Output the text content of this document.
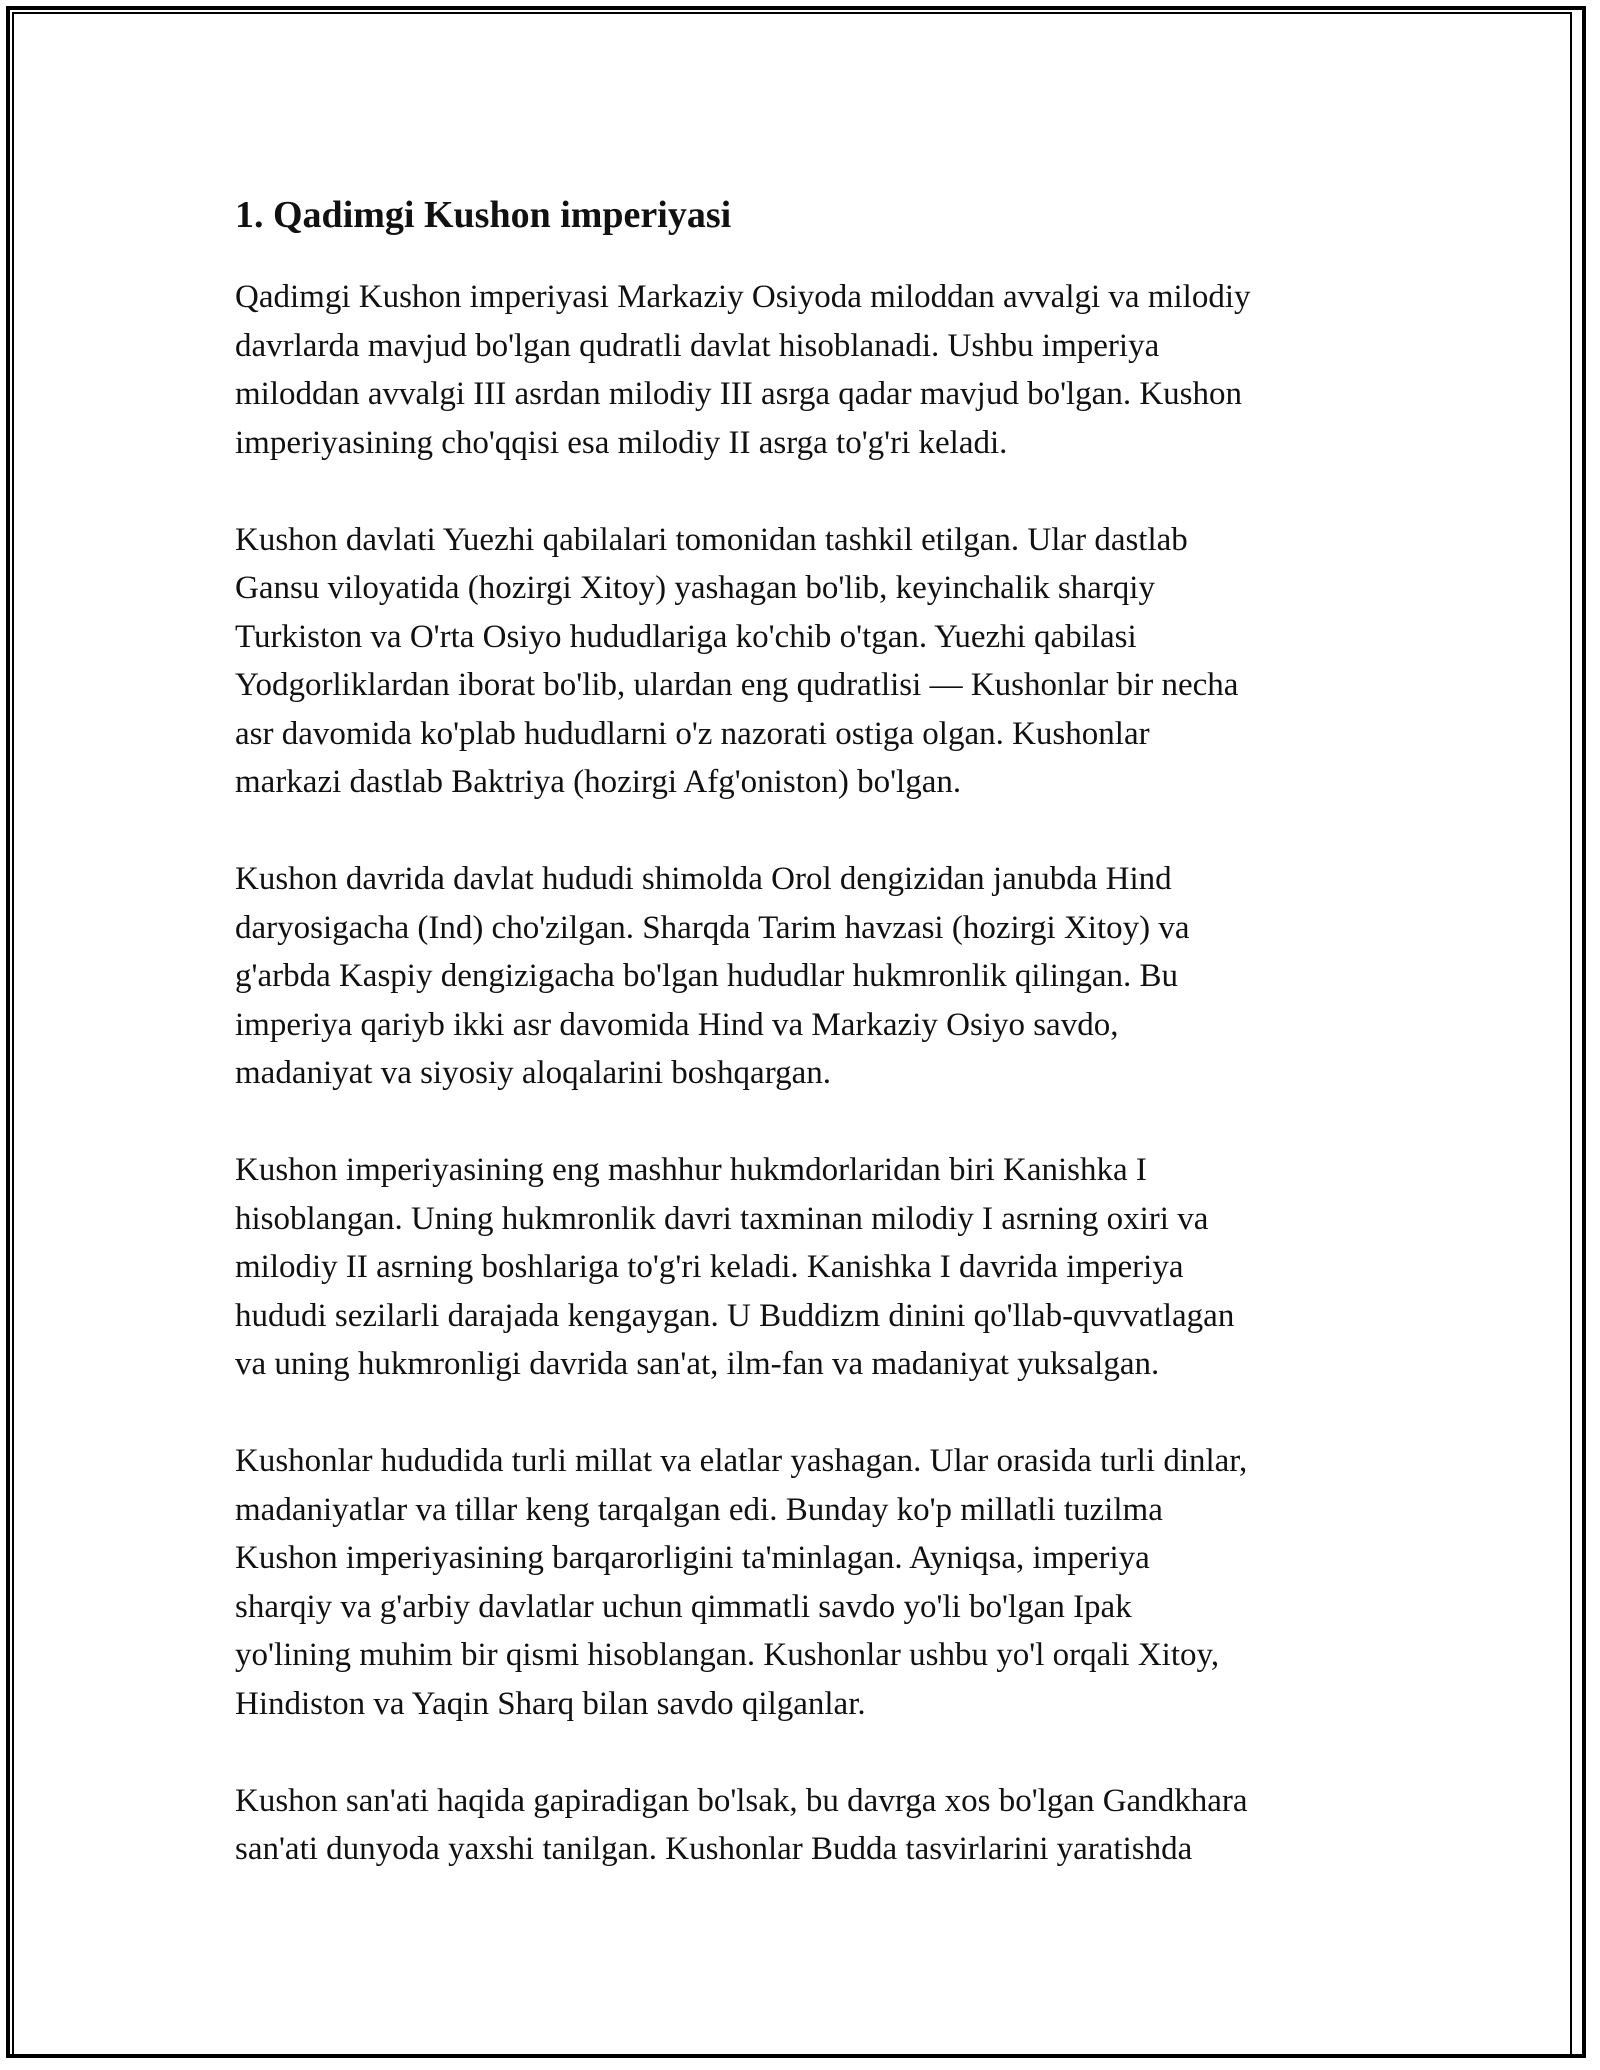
1. Qadimgi Kushon imperiyasi
Qadimgi Kushon imperiyasi Markaziy Osiyoda miloddan avvalgi va milodiy
davrlarda mavjud bo'lgan qudratli davlat hisoblanadi. Ushbu imperiya
miloddan avvalgi III asrdan milodiy III asrga qadar mavjud bo'lgan. Kushon
imperiyasining cho'qqisi esa milodiy II asrga to'g'ri keladi.
Kushon davlati Yuezhi qabilalari tomonidan tashkil etilgan. Ular dastlab
Gansu viloyatida (hozirgi Xitoy) yashagan bo'lib, keyinchalik sharqiy
Turkiston va O'rta Osiyo hududlariga ko'chib o'tgan. Yuezhi qabilasi
Yodgorliklardan iborat bo'lib, ulardan eng qudratlisi — Kushonlar bir necha
asr davomida ko'plab hududlarni o'z nazorati ostiga olgan. Kushonlar
markazi dastlab Baktriya (hozirgi Afg'oniston) bo'lgan.
Kushon davrida davlat hududi shimolda Orol dengizidan janubda Hind
daryosigacha (Ind) cho'zilgan. Sharqda Tarim havzasi (hozirgi Xitoy) va
g'arbda Kaspiy dengizigacha bo'lgan hududlar hukmronlik qilingan. Bu
imperiya qariyb ikki asr davomida Hind va Markaziy Osiyo savdo,
madaniyat va siyosiy aloqalarini boshqargan.
Kushon imperiyasining eng mashhur hukmdorlaridan biri Kanishka I
hisoblangan. Uning hukmronlik davri taxminan milodiy I asrning oxiri va
milodiy II asrning boshlariga to'g'ri keladi. Kanishka I davrida imperiya
hududi sezilarli darajada kengaygan. U Buddizm dinini qo'llab-quvvatlagan
va uning hukmronligi davrida san'at, ilm-fan va madaniyat yuksalgan.
Kushonlar hududida turli millat va elatlar yashagan. Ular orasida turli dinlar,
madaniyatlar va tillar keng tarqalgan edi. Bunday ko'p millatli tuzilma
Kushon imperiyasining barqarorligini ta'minlagan. Ayniqsa, imperiya
sharqiy va g'arbiy davlatlar uchun qimmatli savdo yo'li bo'lgan Ipak
yo'lining muhim bir qismi hisoblangan. Kushonlar ushbu yo'l orqali Xitoy,
Hindiston va Yaqin Sharq bilan savdo qilganlar.
Kushon san'ati haqida gapiradigan bo'lsak, bu davrga xos bo'lgan Gandkhara
san'ati dunyoda yaxshi tanilgan. Kushonlar Budda tasvirlarini yaratishda
